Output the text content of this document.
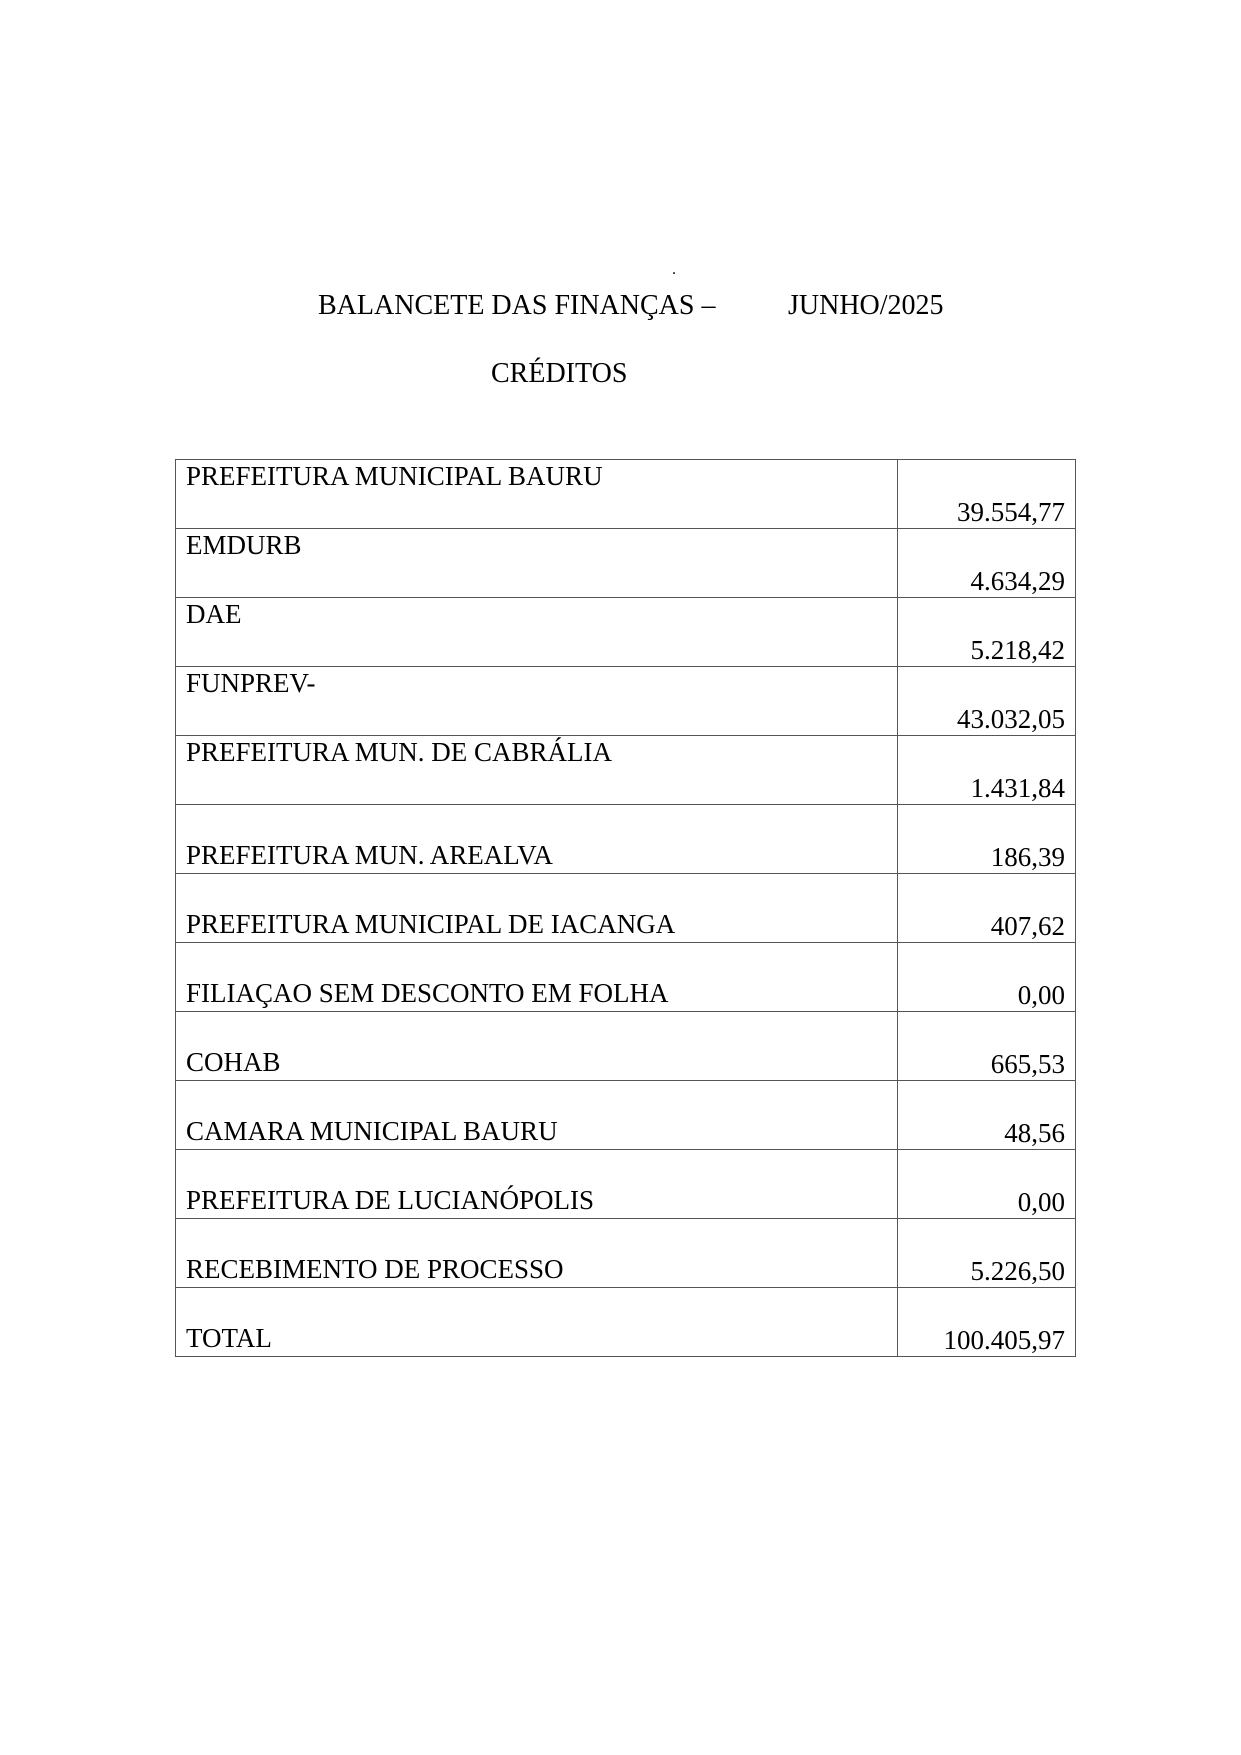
.
BALANCETE DAS FINANÇAS –	JUNHO/2025
CRÉDITOS
PREFEITURA MUNICIPAL BAURU	39.554,77
EMDURB	4.634,29
DAE	5.218,42
FUNPREV-	43.032,05
PREFEITURA MUN. DE CABRÁLIA	1.431,84
PREFEITURA MUN. AREALVA	186,39
PREFEITURA MUNICIPAL DE IACANGA	407,62
FILIAÇAO SEM DESCONTO EM FOLHA	0,00
COHAB	665,53
CAMARA MUNICIPAL BAURU	48,56
PREFEITURA DE LUCIANÓPOLIS	0,00
RECEBIMENTO DE PROCESSO	5.226,50
TOTAL	100.405,97
